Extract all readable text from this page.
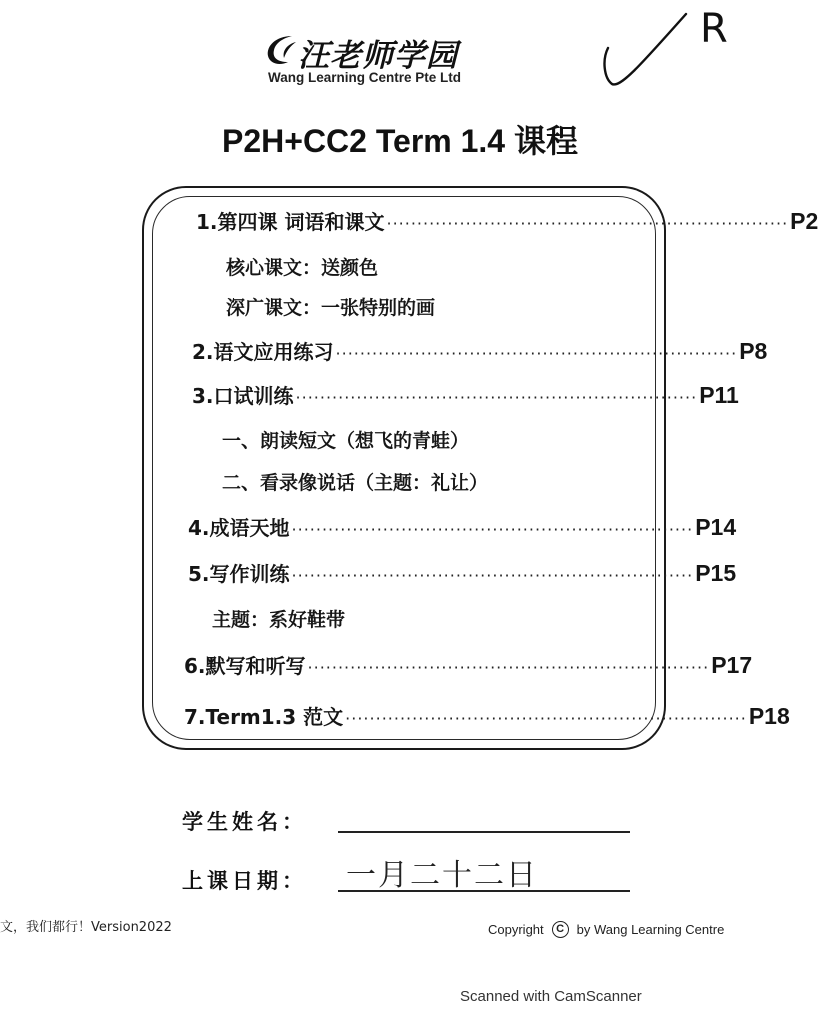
汪老师学园
Wang Learning Centre Pte Ltd
R
P2H+CC2 Term 1.4 课程
1.第四课 词语和课文 ·································································· P2
核心课文：送颜色
深广课文：一张特别的画
2.语文应用练习 ·································································· P8
3.口试训练 ·································································· P11
一、朗读短文（想飞的青蛙）
二、看录像说话（主题：礼让）
4.成语天地 ·································································· P14
5.写作训练 ·································································· P15
主题：系好鞋带
6.默写和听写 ·································································· P17
7.Term1.3 范文 ·································································· P18
学生姓名：
上课日期： 一月二十二日
文，我们都行！Version2022	Copyright	C by Wang Learning Centre
Scanned with CamScanner
